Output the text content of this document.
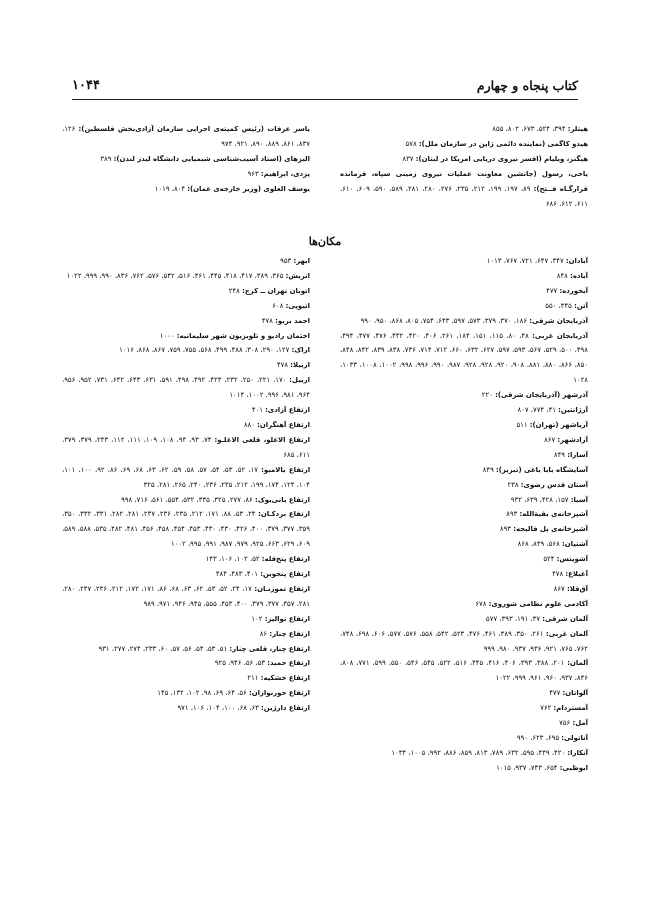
کتاب پنجاه و چهارم
۱۰۴۴
هیتلر: ۳۹۴، ۵۲۴، ۶۷۳، ۸۰۲، ۸۵۵
هیدو کاگمی (نماینده دائمی ژاپن در سازمان ملل): ۵۷۸
هیگنز، ویلیام (افسر نیروی دریایی امریکا در لبنان): ۸۳۷
یاحی، رسول (جانشین معاونت عملیات نیروی زمینی سپاه، فرمانده قرارگـاه فــتح): ۸۹، ۱۹۷، ۱۹۹، ۲۱۲، ۲۳۵، ۲۷۶، ۲۸۰، ۲۸۱، ۵۸۹، ۵۹۰، ۶۰۹، ۶۱۰، ۶۱۱، ۶۱۲، ۶۸۶
یاسر عرفات (رئیس کمیته‌ی اجرایی سازمان آزادی‌بخش فلسطین): ۱۲۶، ۸۳۷، ۸۶۱، ۸۸۹، ۸۹۰، ۹۲۱، ۹۷۴
الیزهای (استاد آسیب‌شناسی شیمیایی دانشگاه لیدز لندن): ۳۸۹
یزدی، ابراهیم: ۹۶۳
یوسف العلوی (وزیر خارجه‌ی عمان): ۸۰۴، ۱۰۱۹
مکان‌ها
آبادان: ۳۴۷، ۶۴۷، ۷۲۱، ۷۶۷، ۱۰۱۳
آباده: ۸۴۸
آبخورده: ۴۷۷
آتن: ۳۴۵، ۵۵۰
آذربایجان شرقی: ۱۸۶، ۳۷۰، ۳۷۹، ۵۷۳، ۵۹۷، ۶۴۳، ۷۵۴، ۸۰۵، ۸۶۸، ۹۵۰، ۹۹۰
آذربایجان غربی: ۴۸، ۸۰، ۱۱۵، ۱۵۱، ۱۸۴، ۲۶۱، ۴۰۶، ۴۲۰، ۴۳۲، ۴۷۶، ۴۷۷، ۴۹۴، ۴۹۸، ۵۰۰، ۵۲۹، ۵۶۷، ۵۹۳، ۵۹۷، ۶۲۷، ۶۳۲، ۶۶۰، ۷۱۲، ۷۱۴، ۷۳۶، ۸۳۸، ۸۳۹، ۸۴۲، ۸۴۸، ۸۵۰، ۸۶۶، ۸۸۰، ۸۸۱، ۹۰۸، ۹۲۰، ۹۲۸، ۹۲۸، ۹۸۷، ۹۹۰، ۹۹۶، ۹۹۸، ۱۰۰۲، ۱۰۰۸، ۱۰۳۳، ۱۰۲۸
آذرشهر (آذربایجان شرقی): ۲۲۰
آرژانتین: ۴۱، ۷۷۴، ۸۰۷
آرياشهر (تهران): ۵۱۱
آزادشهر: ۸۶۷
آسارا: ۸۴۹
آسایشگاه بابا باغی (تبریز): ۸۴۹
آستان قدس رضوی: ۲۳۸
آسیا: ۱۵۷، ۴۲۸، ۶۳۹، ۹۳۲
آشپزخانه‌ی بقیةالله: ۸۹۳
آشپزخانه‌ی پل فالیجه: ۸۹۳
آشتیان: ۵۶۸، ۸۴۹، ۸۶۸
آشویتس: ۵۲۴
آغبلاغ: ۴۷۸
آق‌قلا: ۸۶۷
آکادمی علوم نظامی شوروی: ۶۷۸
آلمان شرقی: ۳۷، ۱۹۱، ۳۹۳، ۵۷۷
آلمان غربی: ۲۶۱، ۳۵۰، ۳۸۹، ۴۶۱، ۴۷۶، ۵۲۳، ۵۴۲، ۵۵۸، ۵۷۶، ۵۷۷، ۶۰۶، ۶۹۸، ۷۴۸، ۷۶۲، ۷۶۵، ۹۲۱، ۹۳۶، ۹۳۷، ۹۸۰، ۹۹۹
آلمان: ۲۰۱، ۳۸۸، ۳۹۳، ۴۰۶، ۴۱۶، ۴۴۵، ۵۱۶، ۵۲۲، ۵۴۵، ۵۴۶، ۵۵۰، ۵۹۹، ۷۷۱، ۸۰۸، ۸۳۶، ۹۳۷، ۹۶۰، ۹۶۱، ۹۹۹، ۱۰۲۲
آلواتان: ۴۷۷
آمستردام: ۷۶۲
آمل: ۷۵۶
آناتولی: ۶۹۵، ۶۲۳، ۹۹۰
آنکارا: ۴۲۰، ۴۴۹، ۵۹۵، ۶۳۲، ۷۸۹، ۸۱۳، ۸۵۹، ۸۸۶، ۹۹۲، ۱۰۰۵، ۱۰۳۴
ابوظبی: ۶۵۴، ۷۴۳، ۹۳۷، ۱۰۱۵
ابهر: ۹۵۳
اتریش: ۳۶۵، ۳۸۹، ۴۱۷، ۴۱۸، ۴۴۵، ۴۶۱، ۵۱۶، ۵۴۲، ۵۷۶، ۷۶۲، ۸۳۶، ۹۹۰، ۹۹۹، ۱۰۲۲
اتوبان تهران ــ کرج: ۲۴۸
اتیوپی: ۶۰۸
احمد بریو: ۴۷۸
اختمان رادیو و تلویزیون شهر سلیمانیه: ۱۰۰۰
اراک: ۱۲۷، ۲۹۰، ۳۰۸، ۴۸۸، ۴۹۹، ۵۶۸، ۷۵۵، ۷۵۹، ۸۶۷، ۸۶۸، ۱۰۱۶
اربیلا: ۴۷۸
اربیل: ۱۷۰، ۲۲۱، ۲۵۰، ۲۳۲، ۴۲۳، ۴۹۲، ۴۹۸، ۵۹۱، ۶۳۱، ۶۴۳، ۶۴۲، ۷۳۱، ۹۵۲، ۹۵۶، ۹۶۴، ۹۸۱، ۹۹۶، ۱۰۰۲، ۱۰۱۴
ارتفاع آزادی: ۴۰۱
ارتفاع آهنگران: ۸۸۰
ارتفاع الاغلو، قلعی الاغلـو: ۷۴، ۹۳، ۹۴، ۱۰۸، ۱۰۹، ۱۱۱، ۱۱۲، ۲۴۳، ۳۷۹، ۳۷۹، ۶۱۱، ۶۸۵
ارتفاع بالامبو: ۱۷، ۵۲، ۵۳، ۵۴، ۵۷، ۵۸، ۵۹، ۶۲، ۶۳، ۶۸، ۶۹، ۸۶، ۹۲، ۱۰۰، ۱۰۱، ۱۰۴، ۱۲۴، ۱۷۴، ۱۹۹، ۲۱۲، ۲۳۵، ۲۳۶، ۲۴۰، ۲۶۵، ۲۸۱، ۳۲۵
ارتفاع بانی‌یوک: ۸۶، ۲۷۷، ۳۲۵، ۳۳۵، ۵۳۲، ۵۵۴، ۵۶۱، ۷۱۶، ۹۹۸
ارتفاع بردکـان: ۲۴، ۵۳، ۸۸، ۱۷۱، ۲۱۲، ۲۳۵، ۲۳۶، ۲۳۷، ۲۸۱، ۲۸۲، ۳۳۱، ۳۳۲، ۳۵۰، ۳۵۹، ۳۷۷، ۳۷۹، ۴۰۰، ۴۲۶، ۴۳۰، ۴۳۰، ۴۵۳، ۴۵۴، ۴۵۸، ۴۵۶، ۴۸۱، ۴۸۲، ۵۳۵، ۵۸۸، ۵۸۹، ۶۰۹، ۶۲۹، ۶۶۳، ۹۲۵، ۹۷۹، ۹۸۷، ۹۹۱، ۹۹۵، ۱۰۰۲
ارتفاع پنج‌قله: ۵۲، ۱۰۲، ۱۰۶، ۱۴۳
ارتفاع پنجوین: ۴۰۱، ۴۸۳، ۴۸۴
ارتفاع تموزنـان: ۱۷، ۲۴، ۵۲، ۵۳، ۶۲، ۶۳، ۶۸، ۸۶، ۱۷۱، ۱۷۲، ۲۱۲، ۲۳۶، ۲۳۷، ۲۸۰، ۲۸۱، ۳۵۷، ۳۷۷، ۳۷۹، ۴۰۰، ۴۵۳، ۵۵۵، ۹۴۵، ۹۴۶، ۹۷۱، ۹۸۹
ارتفاع توالیر: ۱۰۲
ارتفاع چنار: ۸۶
ارتفاع چنار، قلعی چنار: ۵۱، ۵۳، ۵۴، ۵۶، ۵۷، ۶۰، ۲۳۳، ۲۷۴، ۲۷۷، ۹۳۱
ارتفاع حمید: ۵۳، ۵۶، ۹۴۶، ۹۲۵
ارتفاع خشکیه: ۲۱۱
ارتفاع خورنوازان: ۵۶، ۶۴، ۶۹، ۹۸، ۱۰۲، ۱۳۲، ۱۴۵
ارتفاع دارژین: ۶۳، ۶۸، ۱۰۰، ۱۰۴، ۱۰۶، ۹۷۱
